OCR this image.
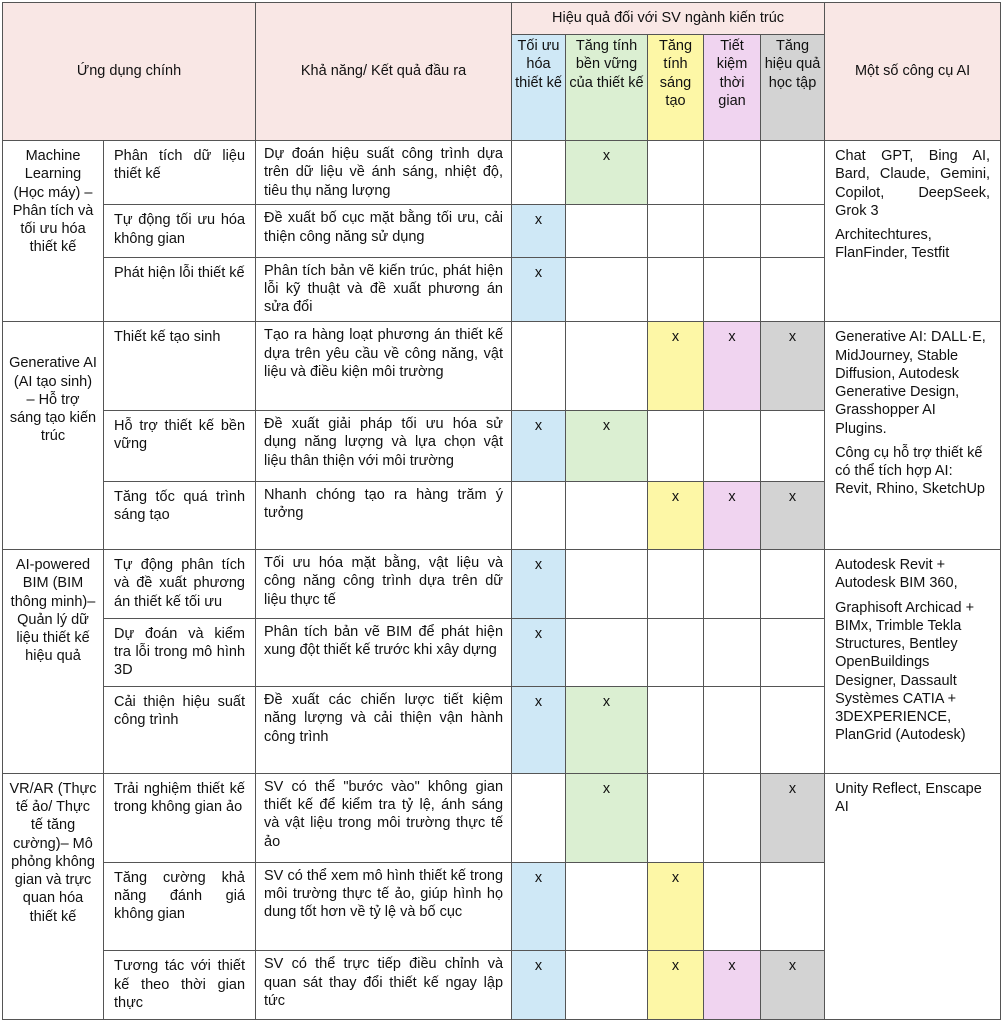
Ứng dụng chính		Khả năng/ Kết quả đầu ra	Hiệu quả đối với SV ngành kiến trúc					Một số công cụ AI
			Tối ưu hóa thiết kế	Tăng tính bền vững của thiết kế	Tăng tính sáng tạo	Tiết kiệm thời gian	Tăng hiệu quả học tập	
Machine Learning (Học máy) – Phân tích và tối ưu hóa thiết kế	Phân tích dữ liệu thiết kế	Dự đoán hiệu suất công trình dựa trên dữ liệu về ánh sáng, nhiệt độ, tiêu thụ năng lượng		x				Chat GPT, Bing AI, Bard, Claude, Gemini, Copilot, DeepSeek, Grok 3

Architechtures, FlanFinder, Testfit

	Tự động tối ưu hóa không gian	Đề xuất bố cục mặt bằng tối ưu, cải thiện công năng sử dụng	x					
	Phát hiện lỗi thiết kế	Phân tích bản vẽ kiến trúc, phát hiện lỗi kỹ thuật và đề xuất phương án sửa đổi	x					
Generative AI (AI tạo sinh) – Hỗ trợ sáng tạo kiến trúc	Thiết kế tạo sinh	Tạo ra hàng loạt phương án thiết kế dựa trên yêu cầu về công năng, vật liệu và điều kiện môi trường			x	x	x	Generative AI: DALL·E, MidJourney, Stable Diffusion, Autodesk Generative Design, Grasshopper AI Plugins.

Công cụ hỗ trợ thiết kế có thể tích hợp AI: Revit, Rhino, SketchUp

	Hỗ trợ thiết kế bền vững	Đề xuất giải pháp tối ưu hóa sử dụng năng lượng và lựa chọn vật liệu thân thiện với môi trường	x	x				
	Tăng tốc quá trình sáng tạo	Nhanh chóng tạo ra hàng trăm ý tưởng			x	x	x	
AI-powered BIM (BIM thông minh)– Quản lý dữ liệu thiết kế hiệu quả	Tự động phân tích và đề xuất phương án thiết kế tối ưu	Tối ưu hóa mặt bằng, vật liệu và công năng công trình dựa trên dữ liệu thực tế	x					Autodesk Revit + Autodesk BIM 360,

Graphisoft Archicad + BIMx, Trimble Tekla Structures, Bentley OpenBuildings Designer, Dassault Systèmes CATIA + 3DEXPERIENCE, PlanGrid (Autodesk)

	Dự đoán và kiểm tra lỗi trong mô hình 3D	Phân tích bản vẽ BIM để phát hiện xung đột thiết kế trước khi xây dựng	x					
	Cải thiện hiệu suất công trình	Đề xuất các chiến lược tiết kiệm năng lượng và cải thiện vận hành công trình	x	x				
VR/AR (Thực tế ảo/ Thực tế tăng cường)– Mô phỏng không gian và trực quan hóa thiết kế	Trải nghiệm thiết kế trong không gian ảo	SV có thể "bước vào" không gian thiết kế để kiểm tra tỷ lệ, ánh sáng và vật liệu trong môi trường thực tế ảo		x			x	Unity Reflect, Enscape AI

	Tăng cường khả năng đánh giá không gian	SV có thể xem mô hình thiết kế trong môi trường thực tế ảo, giúp hình họ dung tốt hơn về tỷ lệ và bố cục	x		x			
	Tương tác với thiết kế theo thời gian thực	SV có thể trực tiếp điều chỉnh và quan sát thay đổi thiết kế ngay lập tức	x		x	x	x	
